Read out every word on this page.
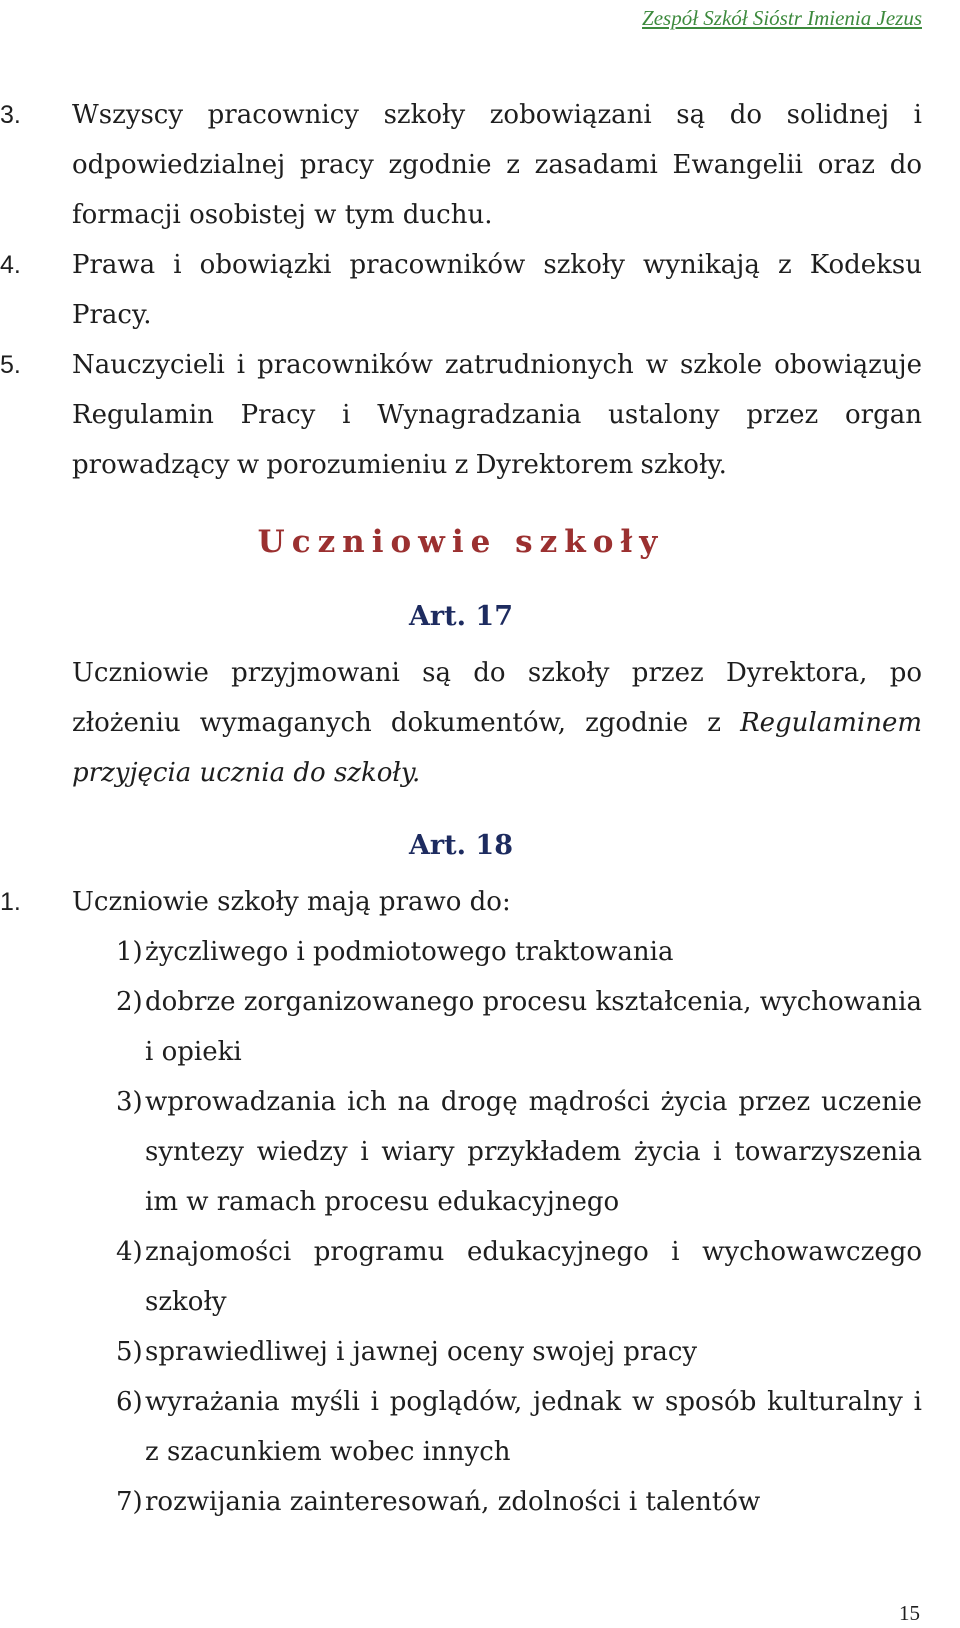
Zespół Szkół Sióstr Imienia Jezus

3. Wszyscy pracownicy szkoły zobowiązani są do solidnej i odpowiedzialnej pracy zgodnie z zasadami Ewangelii oraz do formacji osobistej w tym duchu.
4. Prawa i obowiązki pracowników szkoły wynikają z Kodeksu Pracy.
5. Nauczycieli i pracowników zatrudnionych w szkole obowiązuje Regulamin Pracy i Wynagradzania ustalony przez organ prowadzący w porozumieniu z Dyrektorem szkoły.
Uczniowie szkoły
Art. 17

Uczniowie przyjmowani są do szkoły przez Dyrektora, po złożeniu wymaganych dokumentów, zgodnie z Regulaminem przyjęcia ucznia do szkoły.

Art. 18
1. Uczniowie szkoły mają prawo do:
1) życzliwego i podmiotowego traktowania
2) dobrze zorganizowanego procesu kształcenia, wychowania i opieki
3) wprowadzania ich na drogę mądrości życia przez uczenie syntezy wiedzy i wiary przykładem życia i towarzyszenia im w ramach procesu edukacyjnego
4) znajomości programu edukacyjnego i wychowawczego szkoły
5) sprawiedliwej i jawnej oceny swojej pracy
6) wyrażania myśli i poglądów, jednak w sposób kulturalny i z szacunkiem wobec innych
7) rozwijania zainteresowań, zdolności i talentów

15
